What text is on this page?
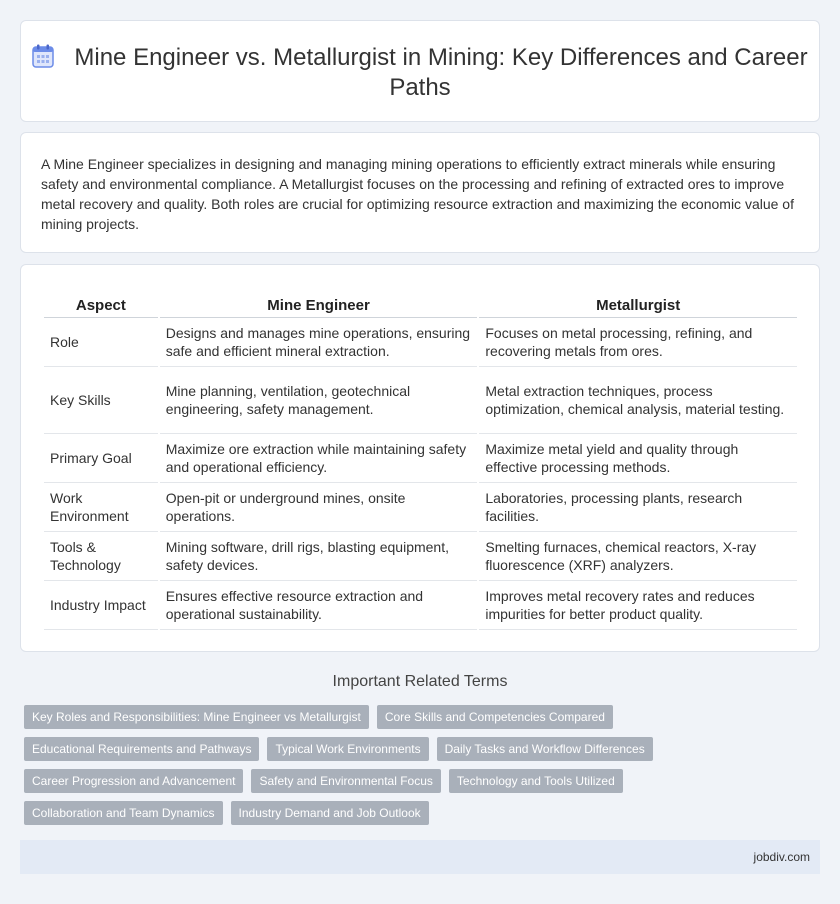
Mine Engineer vs. Metallurgist in Mining: Key Differences and Career Paths

A Mine Engineer specializes in designing and managing mining operations to efficiently extract minerals while ensuring safety and environmental compliance. A Metallurgist focuses on the processing and refining of extracted ores to improve metal recovery and quality. Both roles are crucial for optimizing resource extraction and maximizing the economic value of mining projects.

Aspect	Mine Engineer	Metallurgist
Role	Designs and manages mine operations, ensuring safe and efficient mineral extraction.	Focuses on metal processing, refining, and recovering metals from ores.
Key Skills	Mine planning, ventilation, geotechnical engineering, safety management.	Metal extraction techniques, process optimization, chemical analysis, material testing.
Primary Goal	Maximize ore extraction while maintaining safety and operational efficiency.	Maximize metal yield and quality through effective processing methods.
Work Environment	Open-pit or underground mines, onsite operations.	Laboratories, processing plants, research facilities.
Tools & Technology	Mining software, drill rigs, blasting equipment, safety devices.	Smelting furnaces, chemical reactors, X-ray fluorescence (XRF) analyzers.
Industry Impact	Ensures effective resource extraction and operational sustainability.	Improves metal recovery rates and reduces impurities for better product quality.
Important Related Terms
Key Roles and Responsibilities: Mine Engineer vs Metallurgist	Core Skills and Competencies Compared
Educational Requirements and Pathways	Typical Work Environments	Daily Tasks and Workflow Differences
Career Progression and Advancement	Safety and Environmental Focus	Technology and Tools Utilized
Collaboration and Team Dynamics	Industry Demand and Job Outlook
jobdiv.com
